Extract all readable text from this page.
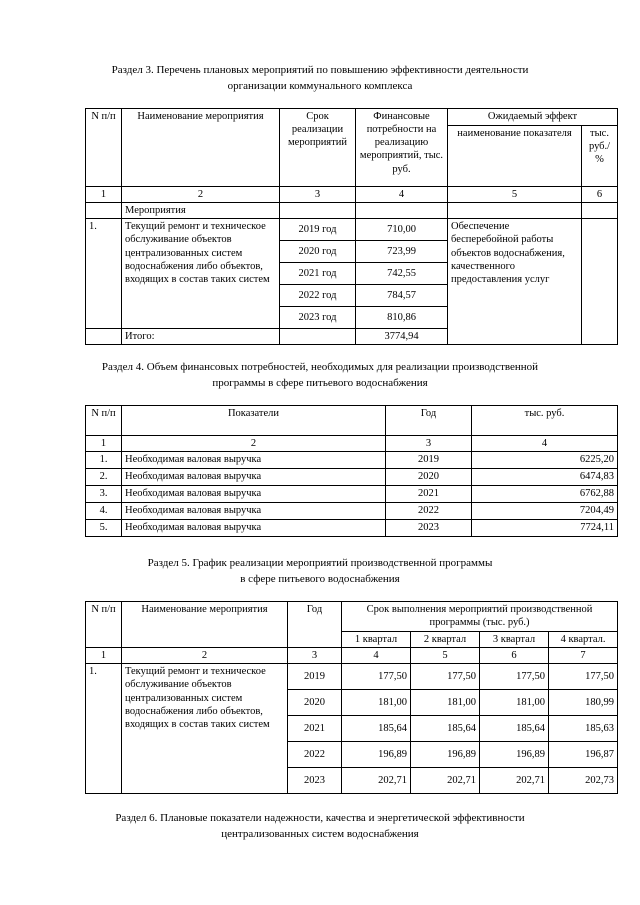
Раздел 3. Перечень плановых мероприятий по повышению эффективности деятельности
организации коммунального комплекса
N п/п	Наименование мероприятия	Срок реализации мероприятий	Финансовые потребности на реализацию мероприятий, тыс. руб.	Ожидаемый эффект	
				наименование показателя	тыс. руб./ %
1	2	3	4	5	6
	Мероприятия				
1.	Текущий ремонт и техническое обслуживание объектов централизованных систем водоснабжения либо объектов, входящих в состав таких систем	2019 год	710,00	Обеспечение бесперебойной работы объектов водоснабжения, качественного предоставления услуг	
		2020 год	723,99		
		2021 год	742,55		
		2022 год	784,57		
		2023 год	810,86		
	Итого:		3774,94		
Раздел 4. Объем финансовых потребностей, необходимых для реализации производственной
программы в сфере питьевого водоснабжения
N п/п	Показатели	Год	тыс. руб.
1	2	3	4
1.	Необходимая валовая выручка	2019	6225,20
2.	Необходимая валовая выручка	2020	6474,83
3.	Необходимая валовая выручка	2021	6762,88
4.	Необходимая валовая выручка	2022	7204,49
5.	Необходимая валовая выручка	2023	7724,11
Раздел 5. График реализации мероприятий производственной программы
в сфере питьевого водоснабжения
N п/п	Наименование мероприятия	Год	Срок выполнения мероприятий производственной программы (тыс. руб.)			
			1 квартал	2 квартал	3 квартал	4 квартал.
1	2	3	4	5	6	7
1.	Текущий ремонт и техническое обслуживание объектов централизованных систем водоснабжения либо объектов, входящих в состав таких систем	2019	177,50	177,50	177,50	177,50
		2020	181,00	181,00	181,00	180,99
		2021	185,64	185,64	185,64	185,63
		2022	196,89	196,89	196,89	196,87
		2023	202,71	202,71	202,71	202,73
Раздел 6. Плановые показатели надежности, качества и энергетической эффективности
централизованных систем водоснабжения
